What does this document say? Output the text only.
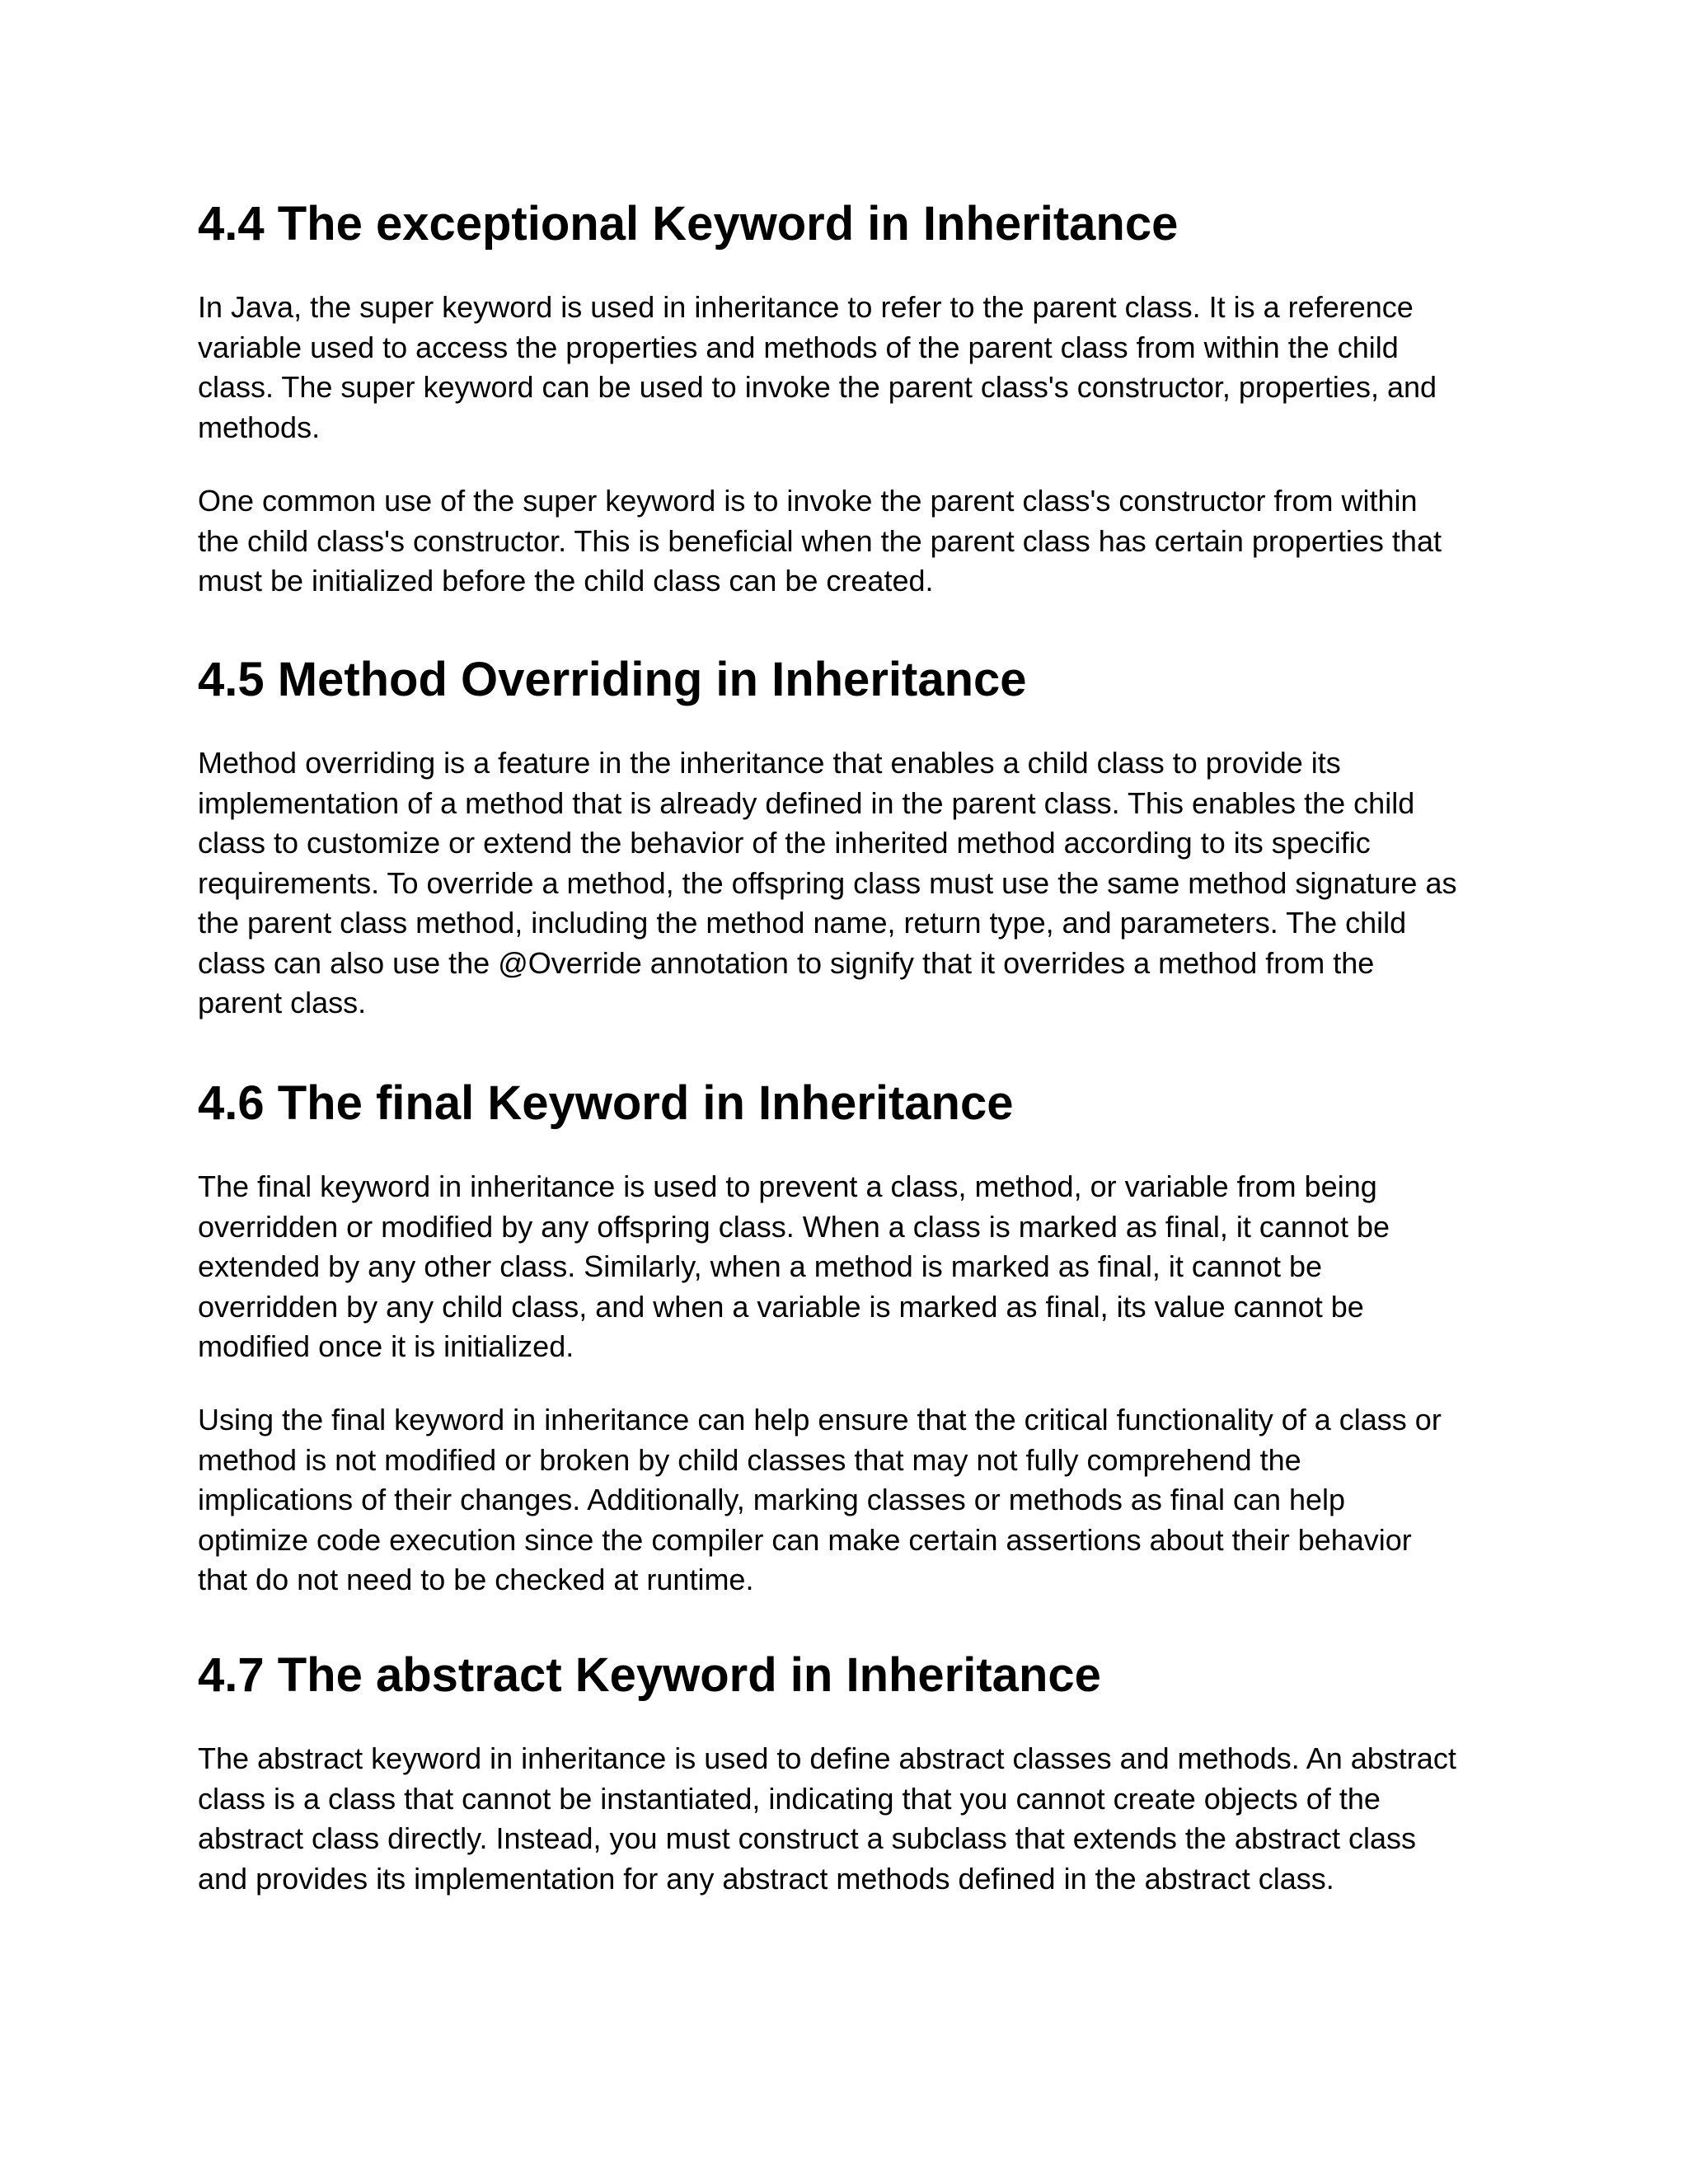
4.4 The exceptional Keyword in Inheritance

In Java, the super keyword is used in inheritance to refer to the parent class. It is a reference
variable used to access the properties and methods of the parent class from within the child
class. The super keyword can be used to invoke the parent class's constructor, properties, and
methods.

One common use of the super keyword is to invoke the parent class's constructor from within
the child class's constructor. This is beneficial when the parent class has certain properties that
must be initialized before the child class can be created.

4.5 Method Overriding in Inheritance

Method overriding is a feature in the inheritance that enables a child class to provide its
implementation of a method that is already defined in the parent class. This enables the child
class to customize or extend the behavior of the inherited method according to its specific
requirements. To override a method, the offspring class must use the same method signature as
the parent class method, including the method name, return type, and parameters. The child
class can also use the @Override annotation to signify that it overrides a method from the
parent class.

4.6 The final Keyword in Inheritance

The final keyword in inheritance is used to prevent a class, method, or variable from being
overridden or modified by any offspring class. When a class is marked as final, it cannot be
extended by any other class. Similarly, when a method is marked as final, it cannot be
overridden by any child class, and when a variable is marked as final, its value cannot be
modified once it is initialized.

Using the final keyword in inheritance can help ensure that the critical functionality of a class or
method is not modified or broken by child classes that may not fully comprehend the
implications of their changes. Additionally, marking classes or methods as final can help
optimize code execution since the compiler can make certain assertions about their behavior
that do not need to be checked at runtime.

4.7 The abstract Keyword in Inheritance

The abstract keyword in inheritance is used to define abstract classes and methods. An abstract
class is a class that cannot be instantiated, indicating that you cannot create objects of the
abstract class directly. Instead, you must construct a subclass that extends the abstract class
and provides its implementation for any abstract methods defined in the abstract class.
